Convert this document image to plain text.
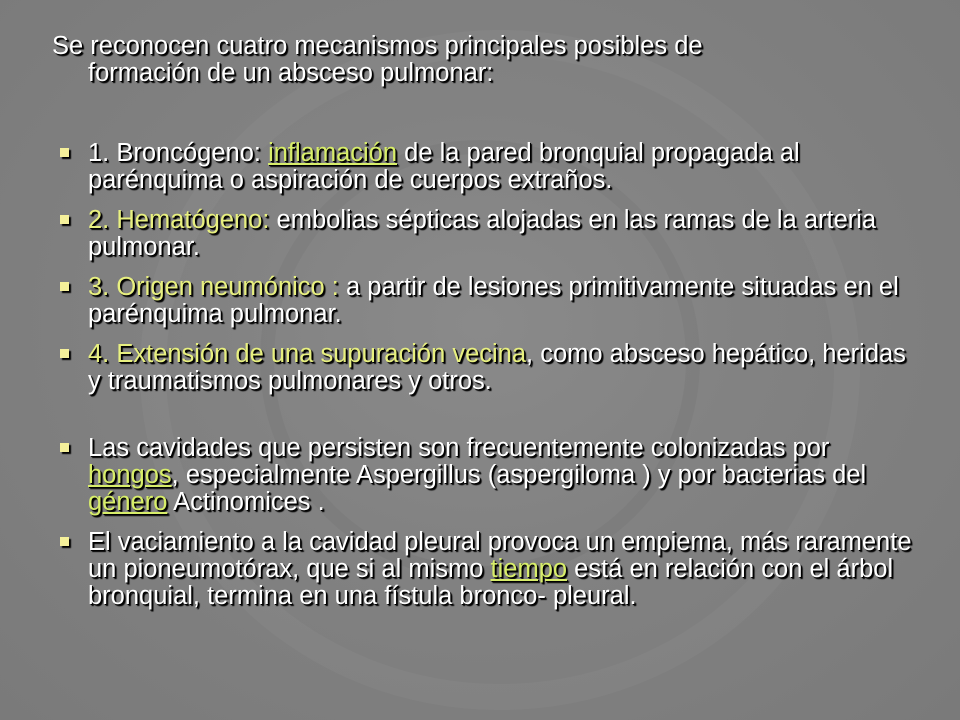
Se reconocen cuatro mecanismos principales posibles de
formación de un absceso pulmonar:

1. Broncógeno: inflamación de la pared bronquial propagada al parénquima o aspiración de cuerpos extraños.
2. Hematógeno: embolias sépticas alojadas en las ramas de la arteria pulmonar.
3. Origen neumónico : a partir de lesiones primitivamente situadas en el parénquima pulmonar.
4. Extensión de una supuración vecina, como absceso hepático, heridas y traumatismos pulmonares y otros.
Las cavidades que persisten son frecuentemente colonizadas por hongos, especialmente Aspergillus (aspergiloma ) y por bacterias del género Actinomices .
El vaciamiento a la cavidad pleural provoca un empiema, más raramente un pioneumotórax, que si al mismo tiempo está en relación con el árbol bronquial, termina en una fístula bronco- pleural.
